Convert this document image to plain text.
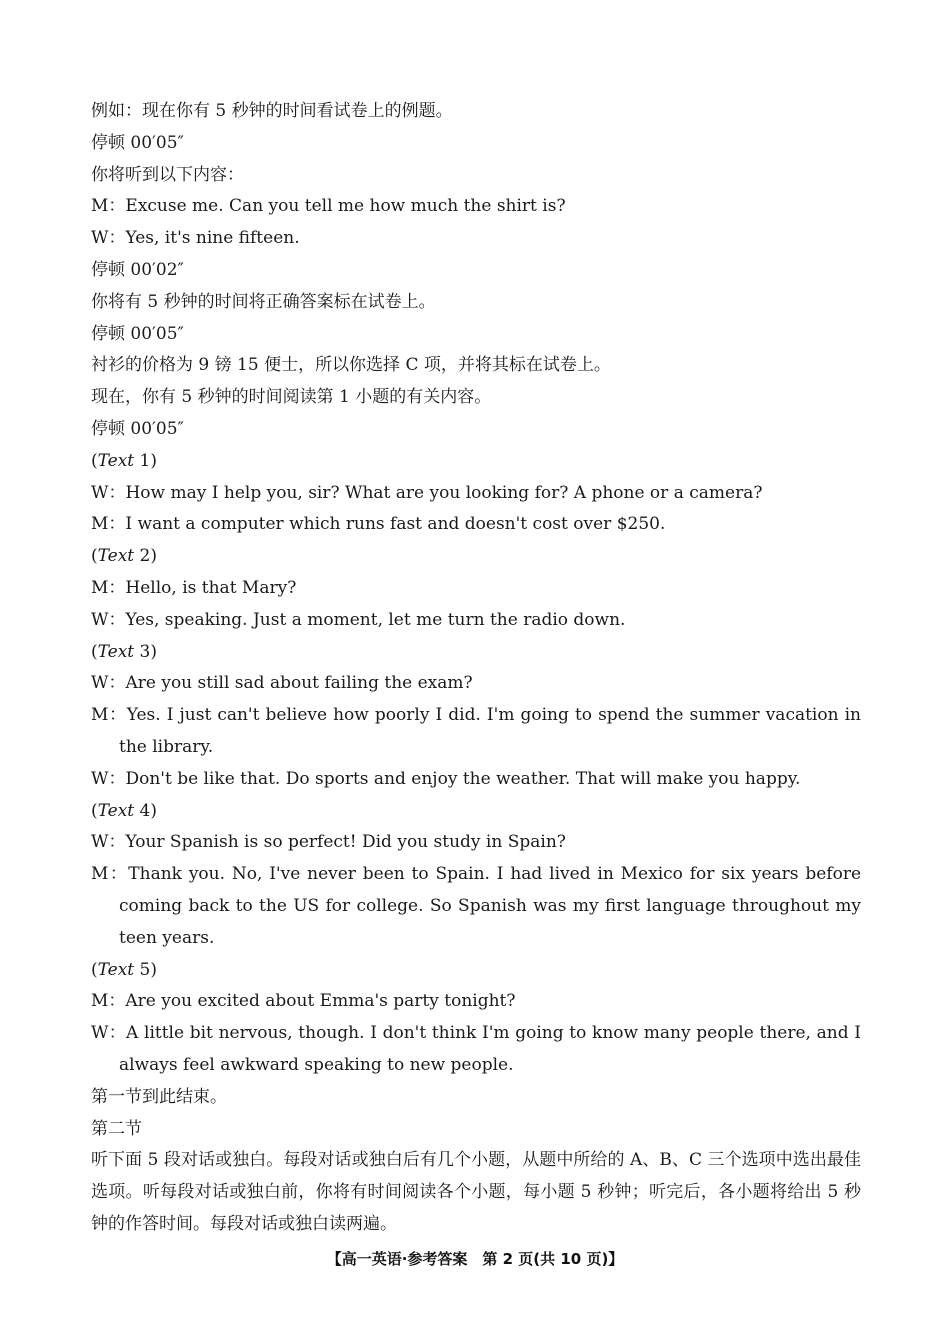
例如：现在你有 5 秒钟的时间看试卷上的例题。
停顿 00′05″
你将听到以下内容：
M：Excuse me. Can you tell me how much the shirt is?
W：Yes, it's nine fifteen.
停顿 00′02″
你将有 5 秒钟的时间将正确答案标在试卷上。
停顿 00′05″
衬衫的价格为 9 镑 15 便士，所以你选择 C 项，并将其标在试卷上。
现在，你有 5 秒钟的时间阅读第 1 小题的有关内容。
停顿 00′05″
(Text 1)
W：How may I help you, sir? What are you looking for? A phone or a camera?
M：I want a computer which runs fast and doesn't cost over $250.
(Text 2)
M：Hello, is that Mary?
W：Yes, speaking. Just a moment, let me turn the radio down.
(Text 3)
W：Are you still sad about failing the exam?
M：Yes. I just can't believe how poorly I did. I'm going to spend the summer vacation in the library.
W：Don't be like that. Do sports and enjoy the weather. That will make you happy.
(Text 4)
W：Your Spanish is so perfect! Did you study in Spain?
M：Thank you. No, I've never been to Spain. I had lived in Mexico for six years before coming back to the US for college. So Spanish was my first language throughout my teen years.
(Text 5)
M：Are you excited about Emma's party tonight?
W：A little bit nervous, though. I don't think I'm going to know many people there, and I always feel awkward speaking to new people.
第一节到此结束。
第二节
听下面 5 段对话或独白。每段对话或独白后有几个小题，从题中所给的 A、B、C 三个选项中选出最佳选项。听每段对话或独白前，你将有时间阅读各个小题，每小题 5 秒钟；听完后，各小题将给出 5 秒钟的作答时间。每段对话或独白读两遍。
【高一英语·参考答案　第 2 页(共 10 页)】
